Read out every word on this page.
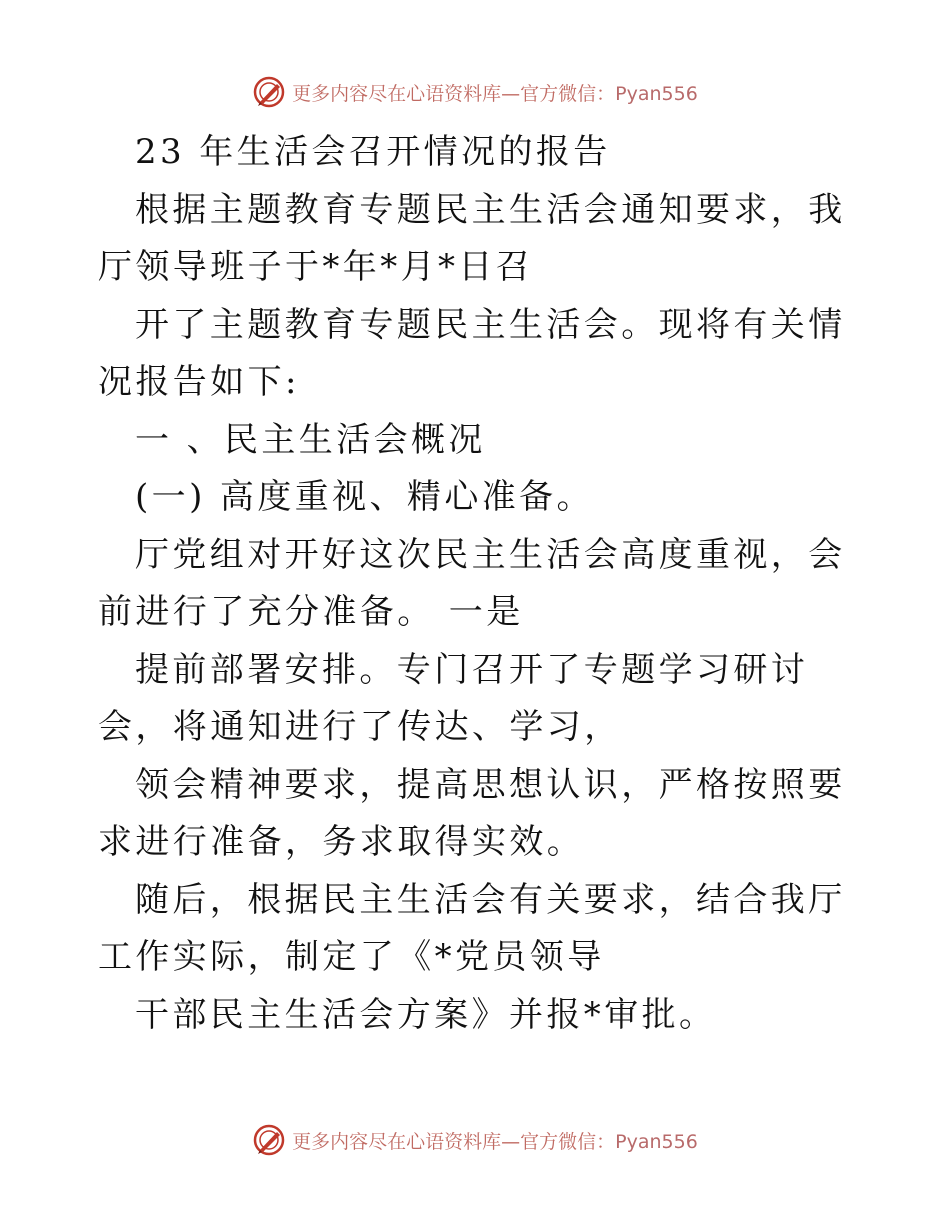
更多内容尽在心语资料库—官方微信：Pyan556

23 年生活会召开情况的报告

根据主题教育专题民主生活会通知要求，我厅领导班子于*年*月*日召

开了主题教育专题民主生活会。现将有关情况报告如下:

一 、民主生活会概况

(一) 高度重视、精心准备。

厅党组对开好这次民主生活会高度重视，会前进行了充分准备。 一是

提前部署安排。专门召开了专题学习研讨会，将通知进行了传达、学习，

领会精神要求，提高思想认识，严格按照要求进行准备，务求取得实效。

随后，根据民主生活会有关要求，结合我厅工作实际，制定了《*党员领导

干部民主生活会方案》并报*审批。

更多内容尽在心语资料库—官方微信：Pyan556
